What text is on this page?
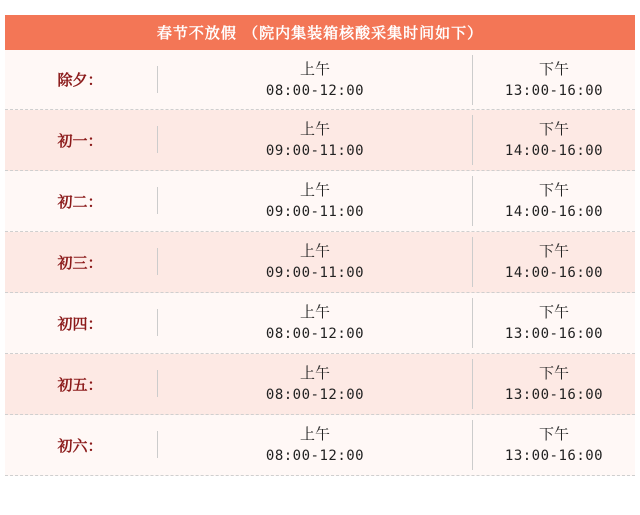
春节不放假 （院内集装箱核酸采集时间如下）
除夕：
上午
08:00-12:00
下午
13:00-16:00
初一：
上午
09:00-11:00
下午
14:00-16:00
初二：
上午
09:00-11:00
下午
14:00-16:00
初三：
上午
09:00-11:00
下午
14:00-16:00
初四：
上午
08:00-12:00
下午
13:00-16:00
初五：
上午
08:00-12:00
下午
13:00-16:00
初六：
上午
08:00-12:00
下午
13:00-16:00
